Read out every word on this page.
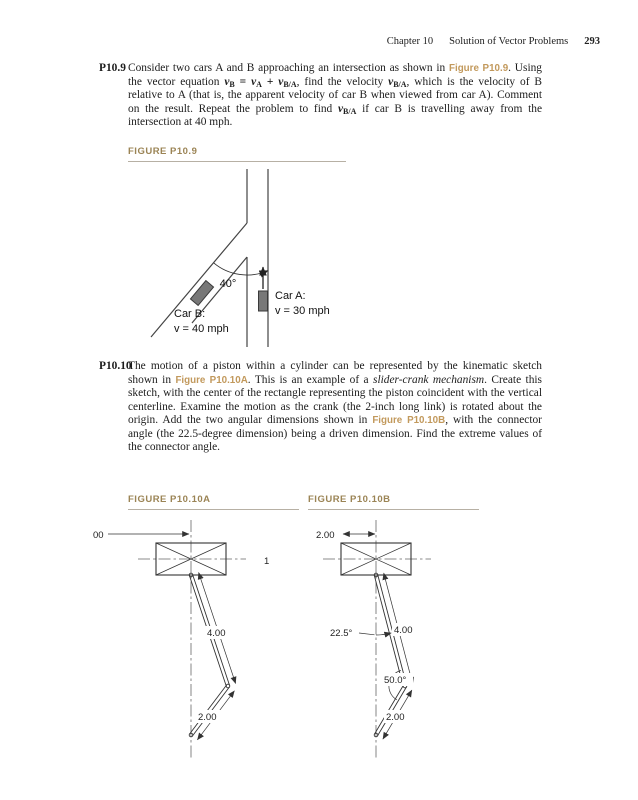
Chapter 10 Solution of Vector Problems 293
P10.9 Consider two cars A and B approaching an intersection as shown in Figure P10.9. Using the vector equation $v_B = v_A + v_{B/A}$, find the velocity $v_{B/A}$, which is the velocity of B relative to A (that is, the apparent velocity of car B when viewed from car A). Comment on the result. Repeat the problem to find $v_{B/A}$ if car B is travelling away from the intersection at 40 mph.
FIGURE P10.9
40°
Car A:
v = 30 mph
Car B:
v = 40 mph
P10.10
The motion of a piston within a cylinder can be represented by the kinematic sketch shown in Figure P10.10A. This is an example of a slider-crank mechanism. Create this sketch, with the center of the rectangle representing the piston coincident with the vertical centerline. Examine the motion as the crank (the 2-inch long link) is rotated about the origin. Add the two angular dimensions shown in Figure P10.10B, with the connector angle (the 22.5-degree dimension) being a driven dimension. Find the extreme values of the connector angle.
FIGURE P10.10A	FIGURE P10.10B
4.00
2.00
00
1
2.00
22.5°	4.00
50.0°
2.00
